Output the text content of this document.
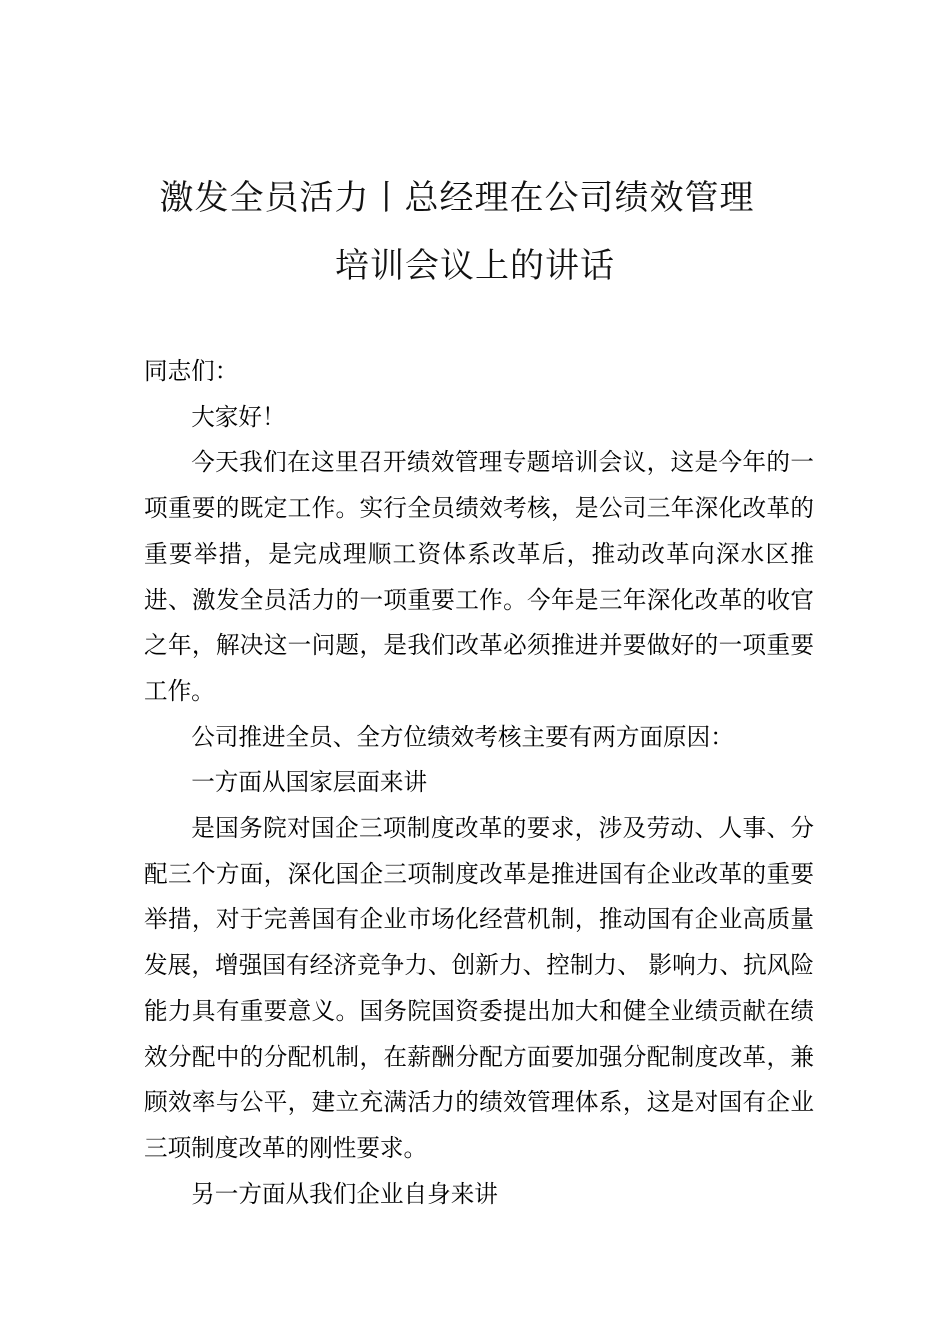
激发全员活力丨总经理在公司绩效管理
培训会议上的讲话

同志们：

大家好！

今天我们在这里召开绩效管理专题培训会议，这是今年的一项重要的既定工作。实行全员绩效考核，是公司三年深化改革的重要举措，是完成理顺工资体系改革后，推动改革向深水区推进、激发全员活力的一项重要工作。今年是三年深化改革的收官之年，解决这一问题，是我们改革必须推进并要做好的一项重要工作。

公司推进全员、全方位绩效考核主要有两方面原因：

一方面从国家层面来讲

是国务院对国企三项制度改革的要求，涉及劳动、人事、分配三个方面，深化国企三项制度改革是推进国有企业改革的重要举措，对于完善国有企业市场化经营机制，推动国有企业高质量发展，增强国有经济竞争力、创新力、控制力、 影响力、抗风险能力具有重要意义。国务院国资委提出加大和健全业绩贡献在绩效分配中的分配机制，在薪酬分配方面要加强分配制度改革，兼顾效率与公平，建立充满活力的绩效管理体系，这是对国有企业三项制度改革的刚性要求。

另一方面从我们企业自身来讲
